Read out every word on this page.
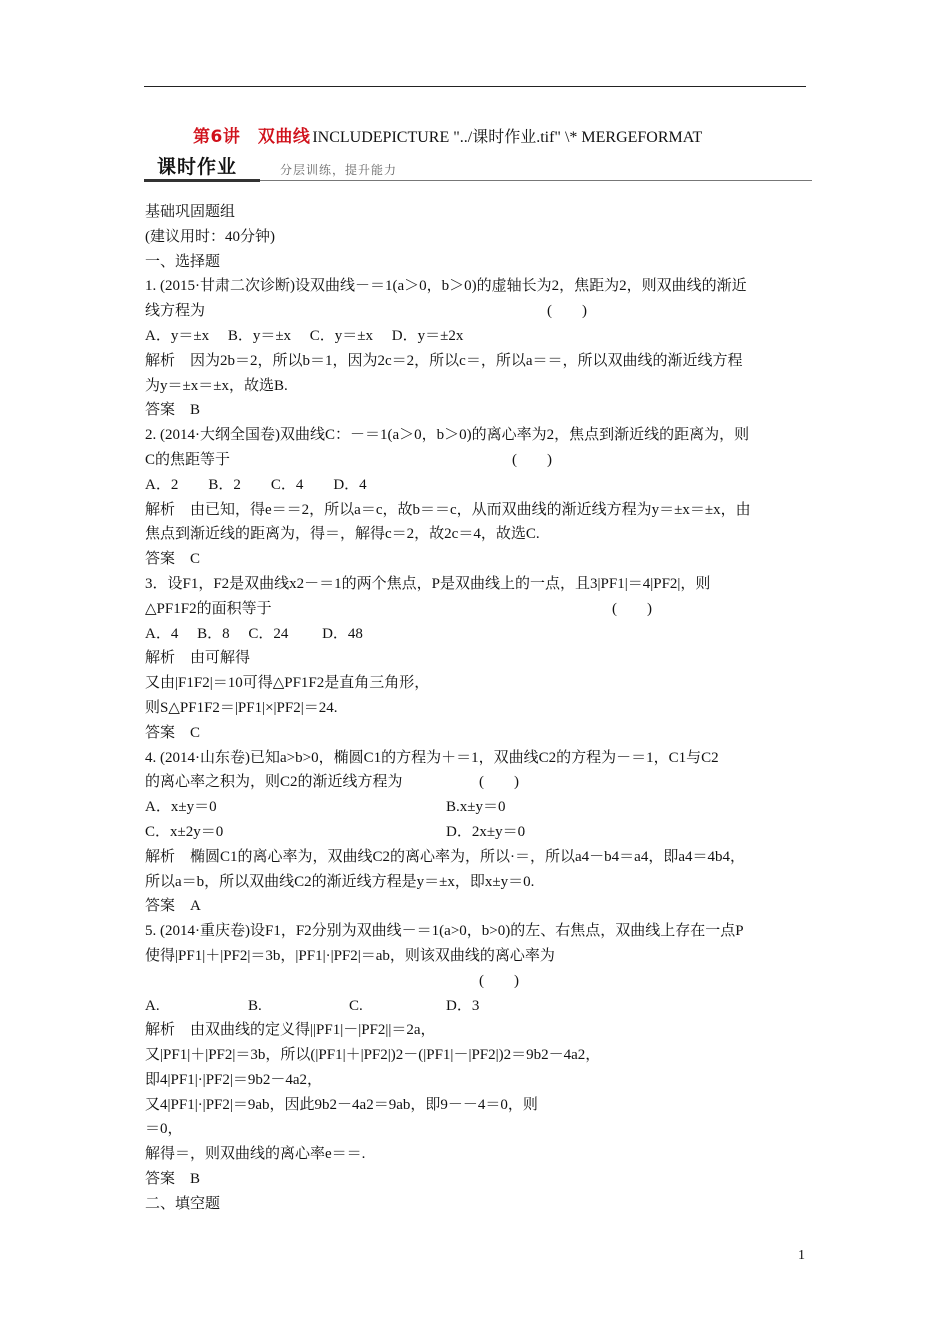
第6讲　双曲线 INCLUDEPICTURE "../课时作业.tif" \* MERGEFORMAT
课时作业	分层训练，提升能力
基础巩固题组
(建议用时：40分钟)
一、选择题
1. (2015·甘肃二次诊断)设双曲线－＝1(a＞0，b＞0)的虚轴长为2，焦距为2，则双曲线的渐近
线方程为	(　　)
A．y＝±x　 B．y＝±x　 C．y＝±x　 D．y＝±2x
解析　因为2b＝2，所以b＝1，因为2c＝2，所以c＝，所以a＝＝，所以双曲线的渐近线方程
为y＝±x＝±x，故选B.
答案　B
2. (2014·大纲全国卷)双曲线C：－＝1(a＞0，b＞0)的离心率为2，焦点到渐近线的距离为，则
C的焦距等于	(　　)
A．2　　B．2　　C．4　　D．4
解析　由已知，得e＝＝2，所以a＝c，故b＝＝c，从而双曲线的渐近线方程为y＝±x＝±x，由
焦点到渐近线的距离为，得＝，解得c＝2，故2c＝4，故选C.
答案　C
3．设F1，F2是双曲线x2－＝1的两个焦点，P是双曲线上的一点，且3|PF1|＝4|PF2|，则
△PF1F2的面积等于	(　　)
A．4　 B．8　 C．24　　 D．48
解析　由可解得
又由|F1F2|＝10可得△PF1F2是直角三角形，
则S△PF1F2＝|PF1|×|PF2|＝24.
答案　C
4. (2014·山东卷)已知a>b>0，椭圆C1的方程为＋＝1，双曲线C2的方程为－＝1，C1与C2
的离心率之积为，则C2的渐近线方程为	(　　)
A．x±y＝0	B.x±y＝0
C．x±2y＝0	D．2x±y＝0
解析　椭圆C1的离心率为，双曲线C2的离心率为，所以·＝，所以a4－b4＝a4，即a4＝4b4，
所以a＝b，所以双曲线C2的渐近线方程是y＝±x，即x±y＝0.
答案　A
5. (2014·重庆卷)设F1，F2分别为双曲线－＝1(a>0，b>0)的左、右焦点，双曲线上存在一点P
使得|PF1|＋|PF2|＝3b，|PF1|·|PF2|＝ab，则该双曲线的离心率为
(　　)
A.	B.	C.	D．3
解析　由双曲线的定义得||PF1|－|PF2||＝2a，
又|PF1|＋|PF2|＝3b，所以(|PF1|＋|PF2|)2－(|PF1|－|PF2|)2＝9b2－4a2，
即4|PF1|·|PF2|＝9b2－4a2，
又4|PF1|·|PF2|＝9ab，因此9b2－4a2＝9ab，即9－－4＝0，则
＝0，
解得＝，则双曲线的离心率e＝＝.
答案　B
二、填空题
1
